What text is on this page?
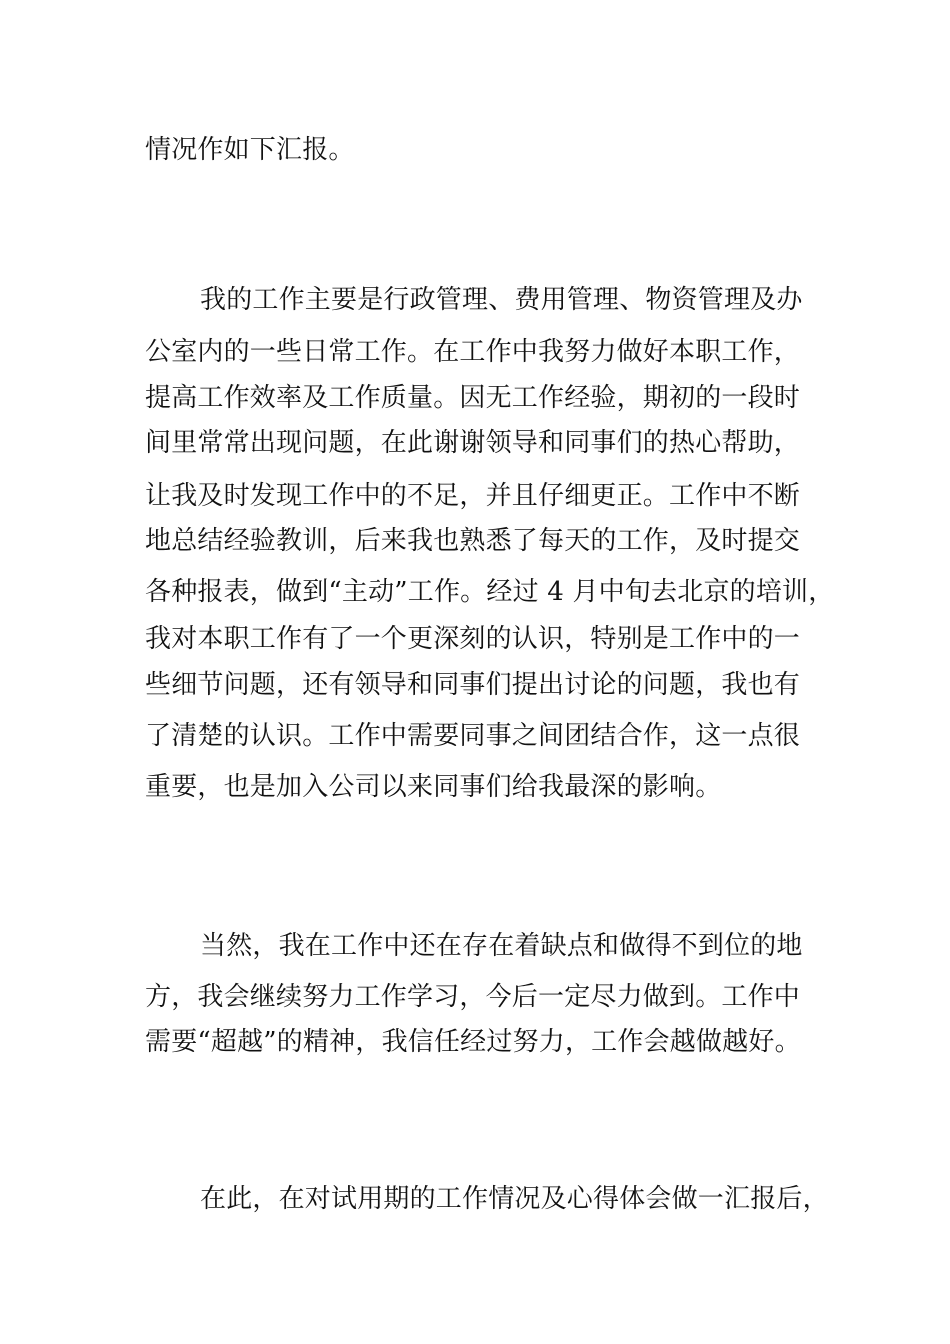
情况作如下汇报。
我的工作主要是行政管理、费用管理、物资管理及办
公室内的一些日常工作。在工作中我努力做好本职工作，
提高工作效率及工作质量。因无工作经验，期初的一段时
间里常常出现问题，在此谢谢领导和同事们的热心帮助，
让我及时发现工作中的不足，并且仔细更正。工作中不断
地总结经验教训，后来我也熟悉了每天的工作，及时提交
各种报表，做到“主动”工作。经过 4 月中旬去北京的培训，
我对本职工作有了一个更深刻的认识，特别是工作中的一
些细节问题，还有领导和同事们提出讨论的问题，我也有
了清楚的认识。工作中需要同事之间团结合作，这一点很
重要，也是加入公司以来同事们给我最深的影响。
当然，我在工作中还在存在着缺点和做得不到位的地
方，我会继续努力工作学习，今后一定尽力做到。工作中
需要“超越”的精神，我信任经过努力，工作会越做越好。
在此，在对试用期的工作情况及心得体会做一汇报后，
